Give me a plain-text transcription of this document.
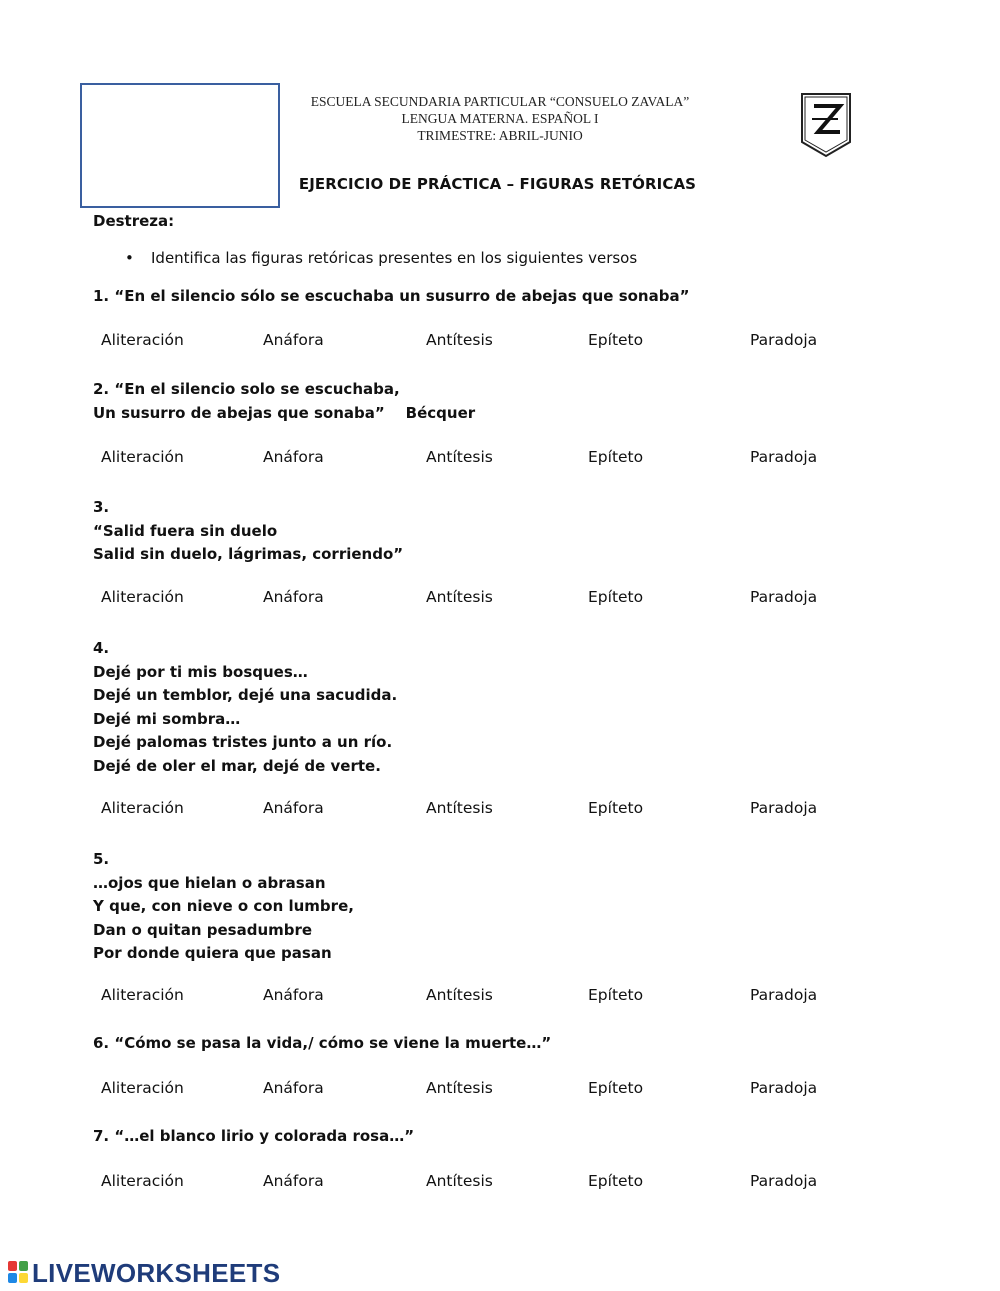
ESCUELA SECUNDARIA PARTICULAR “CONSUELO ZAVALA”
LENGUA MATERNA. ESPAÑOL I
TRIMESTRE: ABRIL-JUNIO
EJERCICIO DE PRÁCTICA – FIGURAS RETÓRICAS
Destreza:
• Identifica las figuras retóricas presentes en los siguientes versos
1. “En el silencio sólo se escuchaba un susurro de abejas que sonaba”
Aliteración	Anáfora	Antítesis	Epíteto	Paradoja
2. “En el silencio solo se escuchaba,
Un susurro de abejas que sonaba”    Bécquer
Aliteración	Anáfora	Antítesis	Epíteto	Paradoja
3.
“Salid fuera sin duelo
Salid sin duelo, lágrimas, corriendo”
Aliteración	Anáfora	Antítesis	Epíteto	Paradoja
4.
Dejé por ti mis bosques…
Dejé un temblor, dejé una sacudida.
Dejé mi sombra…
Dejé palomas tristes junto a un río.
Dejé de oler el mar, dejé de verte.
Aliteración	Anáfora	Antítesis	Epíteto	Paradoja
5.
…ojos que hielan o abrasan
Y que, con nieve o con lumbre,
Dan o quitan pesadumbre
Por donde quiera que pasan
Aliteración	Anáfora	Antítesis	Epíteto	Paradoja
6. “Cómo se pasa la vida,/ cómo se viene la muerte…”
Aliteración	Anáfora	Antítesis	Epíteto	Paradoja
7. “…el blanco lirio y colorada rosa…”
Aliteración	Anáfora	Antítesis	Epíteto	Paradoja
LIVEWORKSHEETS
